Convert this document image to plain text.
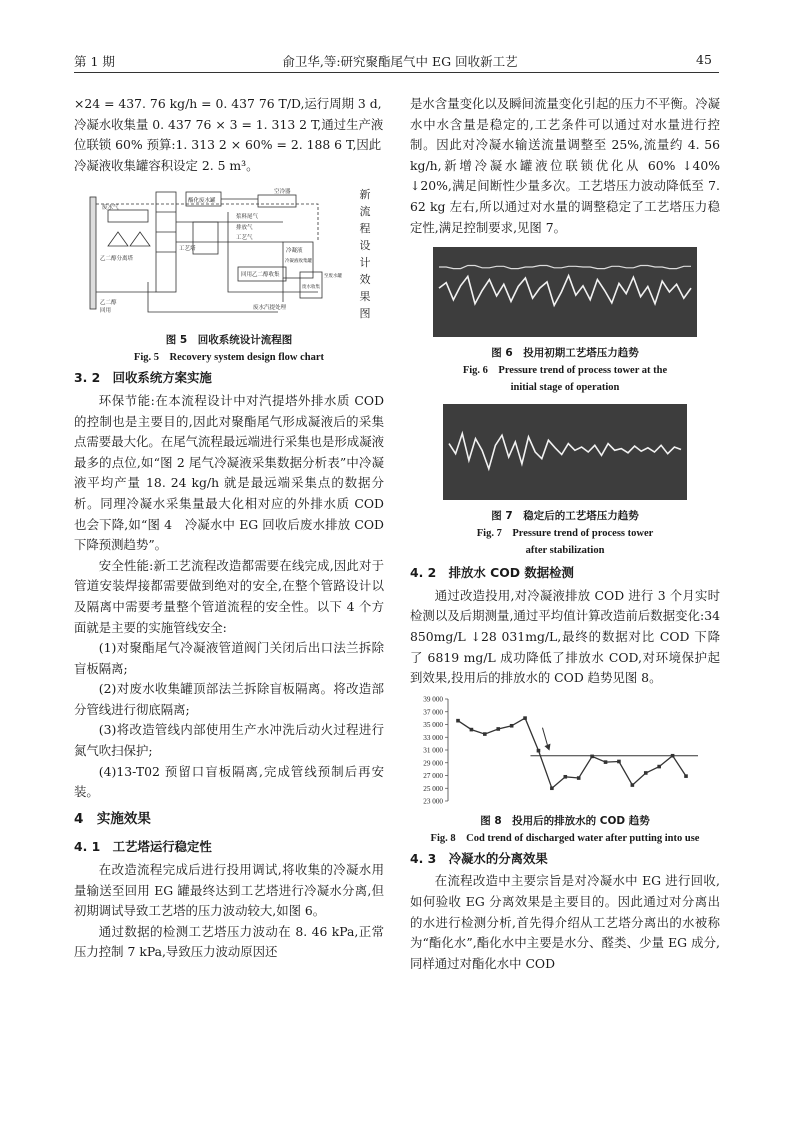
第 1 期	俞卫华,等:研究聚酯尾气中 EG 回收新工艺	45

×24 = 437. 76 kg/h = 0. 437 76 T/D,运行周期 3 d,

冷凝水收集量 0. 437 76 × 3 = 1. 313 2 T,通过生产液

位联锁 60% 预算:1. 313 2 × 60% = 2. 188 6 T,因此

冷凝液收集罐容积设定 2. 5 m³。

空冷器
酯化废水罐
废水气
乙二醇分离塔
工艺塔
浆料尾气
排放气
工艺气
冷凝液
冷凝液收集罐
回用乙二醇收集
废水收集
乙二醇
回用	废水汽提处理
至废水罐
新流程设计效果图
图 5　回收系统设计流程图
Fig. 5　Recovery system design flow chart

3. 2　回收系统方案实施

环保节能:在本流程设计中对汽提塔外排水质 COD 的控制也是主要目的,因此对聚酯尾气形成凝液后的采集点需要最大化。在尾气流程最远端进行采集也是形成凝液最多的点位,如“图 2 尾气冷凝液采集数据分析表”中冷凝液平均产量 18. 24 kg/h 就是最远端采集点的数据分析。同理冷凝水采集量最大化相对应的外排水质 COD 也会下降,如“图 4　冷凝水中 EG 回收后废水排放 COD 下降预测趋势”。

安全性能:新工艺流程改造都需要在线完成,因此对于管道安装焊接都需要做到绝对的安全,在整个管路设计以及隔离中需要考量整个管道流程的安全性。以下 4 个方面就是主要的实施管线安全:

(1)对聚酯尾气冷凝液管道阀门关闭后出口法兰拆除盲板隔离;

(2)对废水收集罐顶部法兰拆除盲板隔离。将改造部分管线进行彻底隔离;

(3)将改造管线内部使用生产水冲洗后动火过程进行氮气吹扫保护;

(4)13-T02 预留口盲板隔离,完成管线预制后再安装。

4　实施效果

4. 1　工艺塔运行稳定性

在改造流程完成后进行投用调试,将收集的冷凝水用量输送至回用 EG 罐最终达到工艺塔进行冷凝水分离,但初期调试导致工艺塔的压力波动较大,如图 6。

通过数据的检测工艺塔压力波动在 8. 46 kPa,正常压力控制 7 kPa,导致压力波动原因还

是水含量变化以及瞬间流量变化引起的压力不平衡。冷凝水中水含量是稳定的,工艺条件可以通过对水量进行控制。因此对冷凝水输送流量调整至 25%,流量约 4. 56 kg/h,新增冷凝水罐液位联锁优化从 60% ↓40% ↓20%,满足间断性少量多次。工艺塔压力波动降低至 7. 62 kg 左右,所以通过对水量的调整稳定了工艺塔压力稳定性,满足控制要求,见图 7。

图 6　投用初期工艺塔压力趋势
Fig. 6　Pressure trend of process tower at the
initial stage of operation
图 7　稳定后的工艺塔压力趋势
Fig. 7　Pressure trend of process tower
after stabilization

4. 2　排放水 COD 数据检测

通过改造投用,对冷凝液排放 COD 进行 3 个月实时检测以及后期测量,通过平均值计算改造前后数据变化:34 850mg/L ↓28 031mg/L,最终的数据对比 COD 下降了 6819 mg/L 成功降低了排放水 COD,对环境保护起到效果,投用后的排放水的 COD 趋势见图 8。

39 000
37 000
35 000
33 000
31 000
29 000
27 000
25 000
23 000
图 8　投用后的排放水的 COD 趋势
Fig. 8　Cod trend of discharged water after putting into use

4. 3　冷凝水的分离效果

在流程改造中主要宗旨是对冷凝水中 EG 进行回收,如何验收 EG 分离效果是主要目的。因此通过对分离出的水进行检测分析,首先得介绍从工艺塔分离出的水被称为“酯化水”,酯化水中主要是水分、醛类、少量 EG 成分,同样通过对酯化水中 COD
